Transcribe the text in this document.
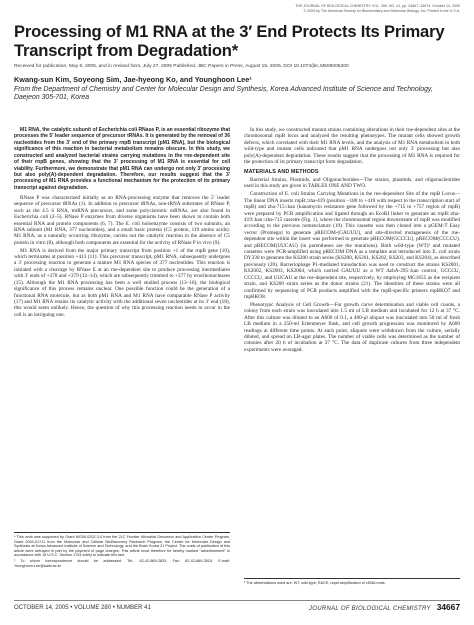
THE JOURNAL OF BIOLOGICAL CHEMISTRY VOL. 280, NO. 41, pp. 34667–34674, October 14, 2005
© 2005 by The American Society for Biochemistry and Molecular Biology, Inc. Printed in the U.S.A.
Processing of M1 RNA at the 3′ End Protects Its Primary Transcript from Degradation*
Received for publication, May 6, 2005, and in revised form, July 27, 2005 Published, JBC Papers in Press, August 15, 2005, DOI 10.1074/jbc.M505005200
Kwang-sun Kim, Soyeong Sim, Jae-hyeong Ko, and Younghoon Lee¹
From the Department of Chemistry and Center for Molecular Design and Synthesis, Korea Advanced Institute of Science and Technology, Daejeon 305-701, Korea

M1 RNA, the catalytic subunit of Escherichia coli RNase P, is an essential ribozyme that processes the 5′ leader sequence of precursor tRNAs. It is generated by the removal of 36 nucleotides from the 3′ end of the primary rnpB transcript (pM1 RNA), but the biological significance of this reaction in bacterial metabolism remains obscure. In this study, we constructed and analyzed bacterial strains carrying mutations in the rne-dependent site of their rnpB genes, showing that the 3′ processing of M1 RNA is essential for cell viability. Furthermore, we demonstrate that pM1 RNA can undergo not only 3′ processing but also poly(A)-dependent degradation. Therefore, our results suggest that the 3′ processing of M1 RNA provides a functional mechanism for the protection of its primary transcript against degradation.

RNase P was characterized initially as an RNA-processing enzyme that removes the 5′ leader sequence of precursor tRNAs (1). In addition to precursor tRNAs, non-tRNA substrates of RNase P, such as the 4.5 S RNA, tmRNA precursors, and some polycistronic mRNAs, are also found in Escherichia coli (2–5). RNase P enzymes from diverse organisms have been shown to contain both essential RNA and protein components (6, 7). The E. coli holoenzyme consists of two subunits, an RNA subunit (M1 RNA, 377 nucleotides), and a small basic protein (C5 protein, 119 amino acids). M1 RNA, as a naturally occurring ribozyme, carries out the catalytic reaction in the absence of C5 protein in vitro (8), although both components are essential for the activity of RNase P in vivo (9).

M1 RNA is derived from the major primary transcript from position +1 of the rnpB gene (10), which terminates at position +413 (11). This precursor transcript, pM1 RNA, subsequently undergoes a 3′ processing reaction to generate a mature M1 RNA species of 377 nucleotides. This reaction is initiated with a cleavage by RNase E at an rne-dependent site to produce processing intermediates with 3′ ends of +378 and +379 (12–14), which are subsequently trimmed to +377 by exoribonucleases (15). Although the M1 RNA processing has been a well studied process (13–16), the biological significance of this process remains unclear. One possible function could be the generation of a functional RNA molecule, but as both pM1 RNA and M1 RNA have comparable RNase P activity (17) and M1 RNA retains its catalytic activity with the additional seven nucleotides at its 3′ end (18), this would seem unlikely. Hence, the question of why this processing reaction needs to occur in the cell is an intriguing one.

* This work was supported by Grant MG05-0202-3-0 from the 21C Frontier Microbial Genomics and Application Center Program, Grant 2004-01711 from the Molecular and Cellular BioDiscovery Research Program, the Center for Molecular Design and Synthesis at Korea Advanced Institute of Science and Technology, and the Brain Korea 21 Project. The costs of publication of this article were defrayed in part by the payment of page charges. This article must therefore be hereby marked “advertisement” in accordance with 18 U.S.C. Section 1734 solely to indicate this fact.

¹ To whom correspondence should be addressed. Tel.: 82-42-869-2832; Fax: 82-42-869-2810; E-mail: Younghoon.Lee@kaist.ac.kr.

In this study, we constructed mutant strains containing alterations in their rne-dependent sites at the chromosomal rnpB locus and analyzed the resulting phenotypes. The mutant cells showed growth defects, which correlated with their M1 RNA levels, and the analysis of M1 RNA metabolism in both wild-type and mutant cells indicated that pM1 RNA undergoes not only 3′ processing but also poly(A)-dependent degradation. These results suggest that the processing of M1 RNA is required for the protection of its primary transcript form degradation.

MATERIALS AND METHODS

Bacterial Strains, Plasmids, and Oligonucleotides—The strains, plasmids, and oligonucleotides used in this study are given in TABLES ONE AND TWO.

Construction of E. coli Strains Carrying Mutations in the rne-dependent Site of the rnpB Locus—The linear DNA inserts rnpB::zha-419 (position −180 to +419 with respect to the transcription start of rnpB) and zha-715::kan (kanamycin resistance gene followed by the +715 to +757 region of rnpB) were prepared by PCR amplification and ligated through an EcoRI linker to generate an rnpB::zha-419::kan::zha-715 cassette (Fig. 1), where the chromosomal region downstream of rnpB was modified according to the previous nomenclature (19). This cassette was then cloned into a pGEM-T Easy vector (Promega) to generate pRECOM-(GAUUU), and site-directed mutagenesis of the rne-dependent site within the insert was performed to generate pRECOM(GCCCU), pRECOM(CCCCU), and pRECOM(UUCAU) (in parentheses are the mutations). Both wild-type (WT)² and mutated cassettes were PCR-amplified using pRECOM DNA as a template and introduced into E. coli strain DY330 to generate the KS200 strain series (KS200, KS201, KS202, KS203, and KS204), as described previously (20). Bacteriophage P1-mediated transduction was used to construct the strains KS2001, KS2002, KS2003, KS2004, which carried GAUUU as a WT ΔzhA-295::kan control, GCCCU, CCCCU, and UUCAU at the rne-dependent site, respectively, by employing MG1655 as the recipient strain, and KS200 strain series as the donor strains (21). The identities of these strains were all confirmed by sequencing of PCR products amplified with the rnpB-specific primers rnpBKO7 and rnpBKO8.

Phenotypic Analysis of Cell Growth—For growth curve determination and viable cell counts, a colony from each strain was inoculated into 1.5 ml of LB medium and incubated for 12 h at 37 °C. After this culture was diluted to an A600 of 0.1, a 400-μl aliquot was inoculated into 50 ml of fresh LB medium in a 250-ml Erlenmeyer flask, and cell growth progression was monitored by A600 readings at different time points. At each point, aliquots were withdrawn from the culture, serially diluted, and spread on LB-agar plates. The number of viable cells was determined as the number of colonies after 20 h of incubation at 37 °C. The data of duplicate cultures from three independent experiments were averaged.

² The abbreviations used are: WT, wild type; RACE, rapid amplification of cDNA ends.

OCTOBER 14, 2005 • VOLUME 280 • NUMBER 41	JOURNAL OF BIOLOGICAL CHEMISTRY 34667
